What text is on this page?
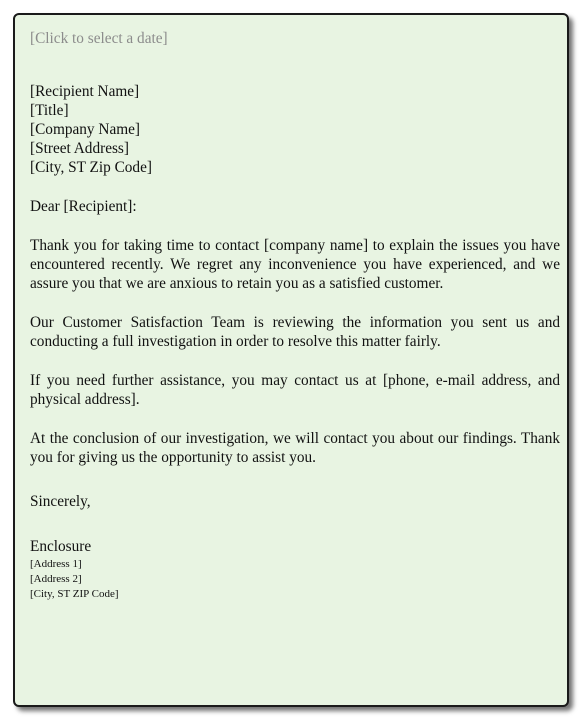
[Click to select a date]
[Recipient Name]
[Title]
[Company Name]
[Street Address]
[City, ST Zip Code]
Dear [Recipient]:

Thank you for taking time to contact [company name] to explain the issues you have encountered recently. We regret any inconvenience you have experienced, and we assure you that we are anxious to retain you as a satisfied customer.

Our Customer Satisfaction Team is reviewing the information you sent us and conducting a full investigation in order to resolve this matter fairly.

If you need further assistance, you may contact us at [phone, e-mail address, and physical address].

At the conclusion of our investigation, we will contact you about our findings. Thank you for giving us the opportunity to assist you.

Sincerely,
Enclosure
[Address 1]
[Address 2]
[City, ST ZIP Code]
